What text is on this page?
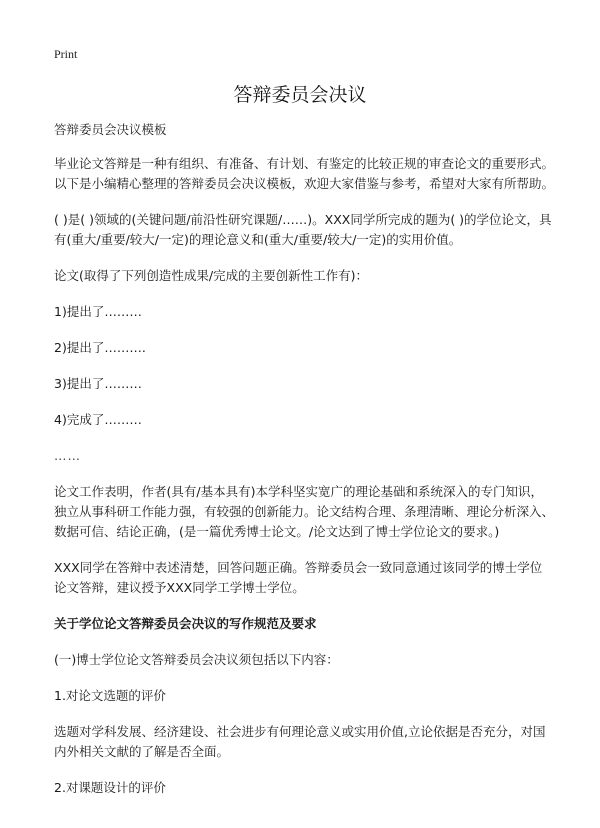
Print
答辩委员会决议

答辩委员会决议模板

毕业论文答辩是一种有组织、有准备、有计划、有鉴定的比较正规的审查论文的重要形式。以下是小编精心整理的答辩委员会决议模板，欢迎大家借鉴与参考，希望对大家有所帮助。

( )是( )领域的(关键问题/前沿性研究课题/……)。XXX同学所完成的题为( )的学位论文，具有(重大/重要/较大/一定)的理论意义和(重大/重要/较大/一定)的实用价值。

论文(取得了下列创造性成果/完成的主要创新性工作有)：

1)提出了………

2)提出了……….

3)提出了………

4)完成了………

……

论文工作表明，作者(具有/基本具有)本学科坚实宽广的理论基础和系统深入的专门知识，独立从事科研工作能力强，有较强的创新能力。论文结构合理、条理清晰、理论分析深入、数据可信、结论正确，(是一篇优秀博士论文。/论文达到了博士学位论文的要求。)

XXX同学在答辩中表述清楚，回答问题正确。答辩委员会一致同意通过该同学的博士学位论文答辩，建议授予XXX同学工学博士学位。

关于学位论文答辩委员会决议的写作规范及要求

(一)博士学位论文答辩委员会决议须包括以下内容：

1.对论文选题的评价

选题对学科发展、经济建设、社会进步有何理论意义或实用价值,立论依据是否充分，对国内外相关文献的了解是否全面。

2.对课题设计的评价
